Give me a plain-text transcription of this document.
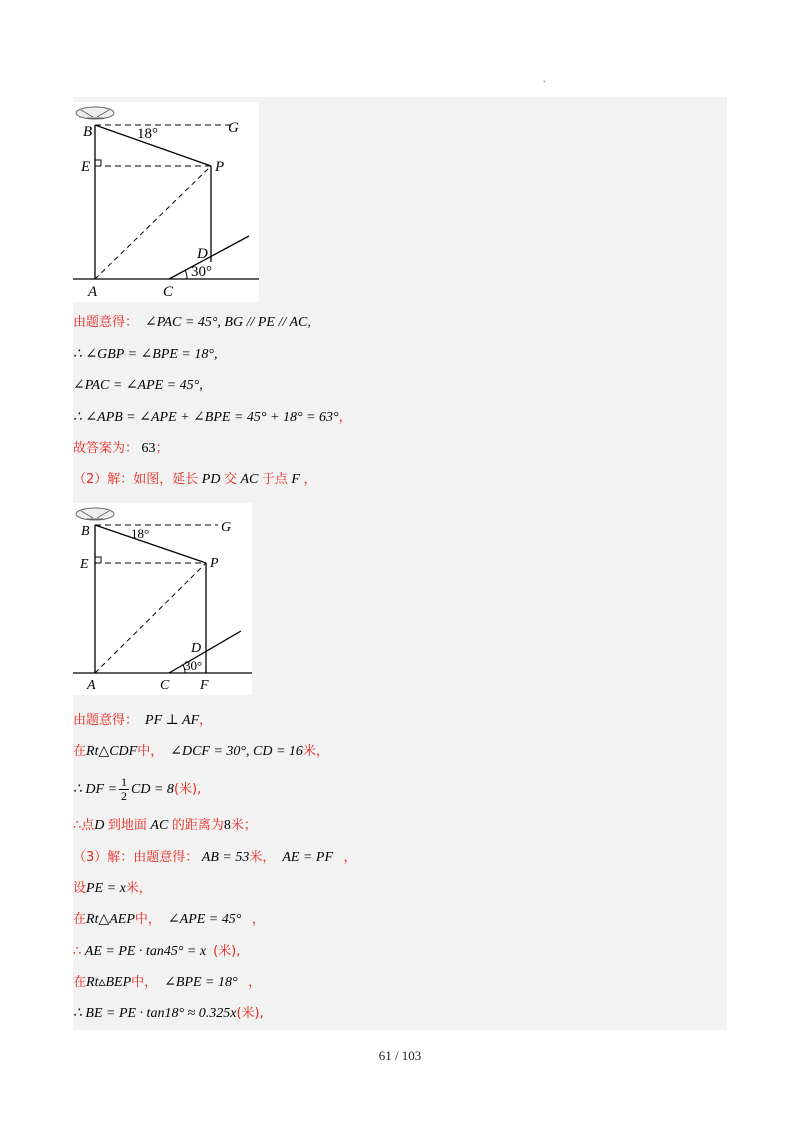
.
B	G
E	P
D
A	C
18°
30°
由题意得： ∠PAC = 45°, BG // PE // AC,
∴ ∠GBP = ∠BPE = 18°,
∠PAC = ∠APE = 45°,
∴ ∠APB = ∠APE + ∠BPE = 45° + 18° = 63°，
故答案为： 63；
（2）解：如图，延长 PD 交 AC 于点 F ，
B	G
E	P
D
A	C F
18°
30°
由题意得： PF ⊥ AF，
在Rt△CDF中， ∠DCF = 30°, CD = 16米，
∴ DF = $\frac{1}{2}$ CD = 8(米),
∴点D 到地面 AC 的距离为8米；
（3）解：由题意得： AB = 53米， AE = PF ，
设PE = x米，
在Rt△AEP中， ∠APE = 45° ，
∴ AE = PE · tan45° = x (米),
在Rt▵BEP中， ∠BPE = 18° ，
∴ BE = PE · tan18° ≈ 0.325x(米),
61 / 103
